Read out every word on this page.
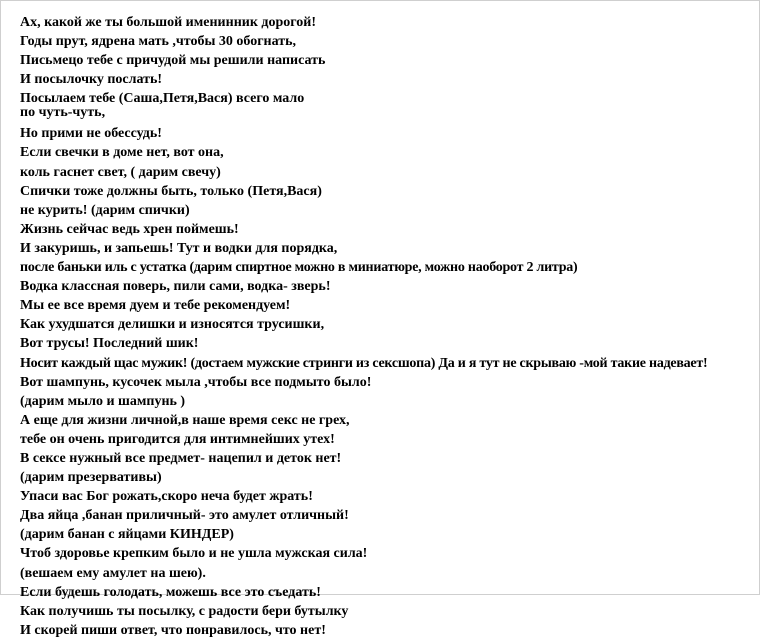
Ах, какой же ты большой именинник дорогой!
Годы прут, ядрена мать ,чтобы 30 обогнать,
Письмецо тебе с причудой мы решили написать
И посылочку послать!
Посылаем тебе (Саша,Петя,Вася) всего мало
по чуть-чуть,
Но прими не обессудь!
Если свечки в доме нет, вот она,
коль гаснет свет, ( дарим свечу)
Спички тоже должны быть, только (Петя,Вася)
не курить! (дарим спички)
Жизнь сейчас ведь хрен поймешь!
И закуришь, и запьешь! Тут и водки для порядка,
после баньки иль с устатка (дарим спиртное можно в миниатюре, можно наоборот 2 литра)
Водка классная поверь, пили сами, водка- зверь!
Мы ее все время дуем и тебе рекомендуем!
Как ухудшатся делишки и износятся трусишки,
Вот трусы! Последний шик!
Носит каждый щас мужик! (достаем мужские стринги из сексшопа) Да и я тут не скрываю -мой такие надевает!
Вот шампунь, кусочек мыла ,чтобы все подмыто было!
(дарим мыло и шампунь )
А еще для жизни личной,в наше время секс не грех,
тебе он очень пригодится для интимнейших утех!
В сексе нужный все предмет- нацепил и деток нет!
(дарим презервативы)
Упаси вас Бог рожать,скоро неча будет жрать!
Два яйца ,банан приличный- это амулет отличный!
(дарим банан с яйцами КИНДЕР)
Чтоб здоровье крепким было и не ушла мужская сила!
(вешаем ему амулет на шею).
Если будешь голодать, можешь все это съедать!
Как получишь ты посылку, с радости бери бутылку
И скорей пиши ответ, что понравилось, что нет!
